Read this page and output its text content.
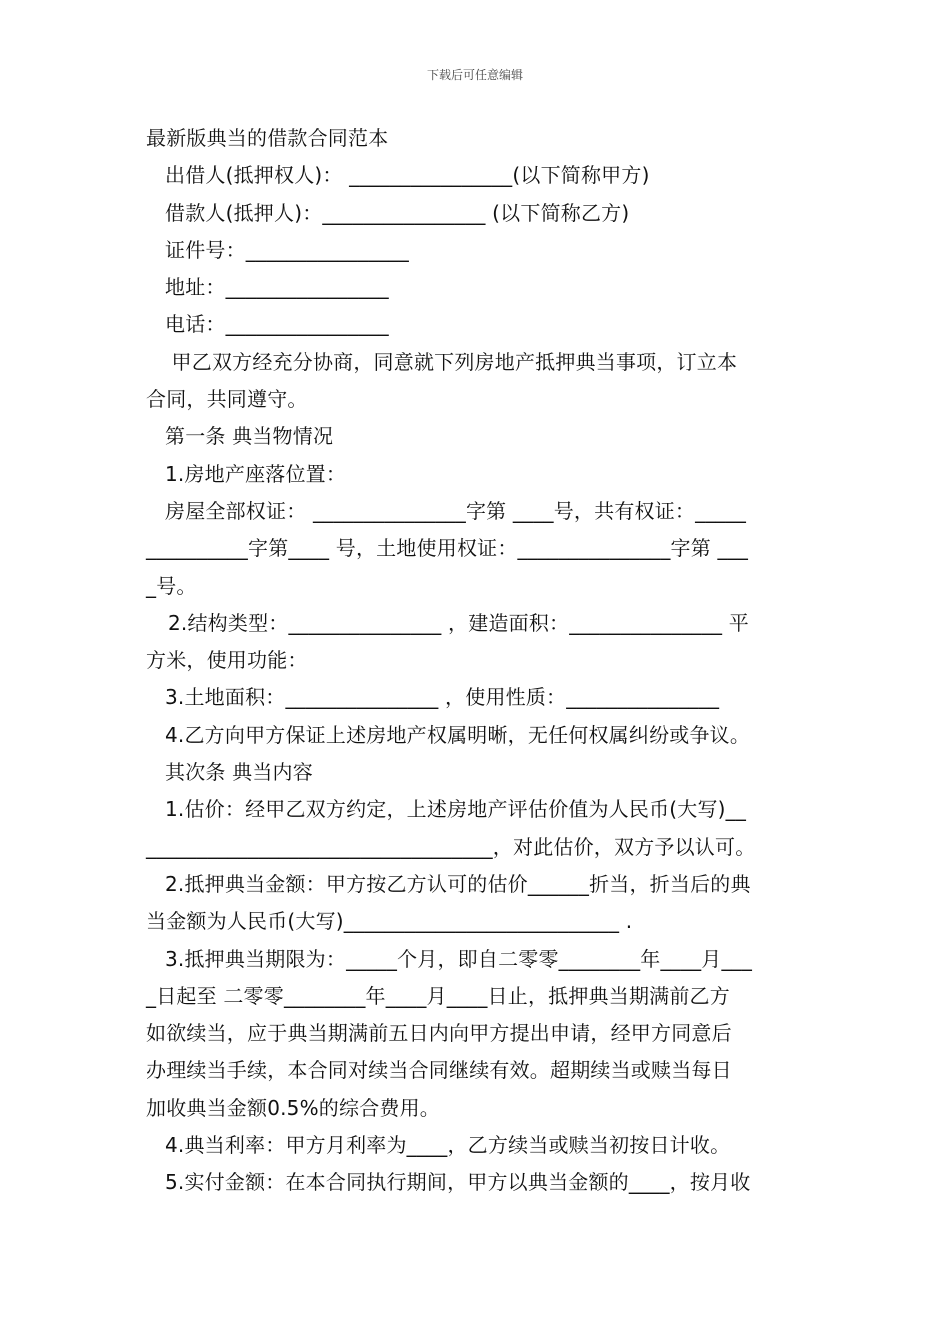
下载后可任意编辑
最新版典当的借款合同范本
出借人(抵押权人)： ________________(以下简称甲方)
借款人(抵押人)：________________ (以下简称乙方)
证件号：________________
地址：________________
电话：________________
甲乙双方经充分协商，同意就下列房地产抵押典当事项，订立本
合同，共同遵守。
第一条 典当物情况
1.房地产座落位置：
房屋全部权证： _______________字第 ____号，共有权证：_____
__________字第____ 号，土地使用权证：_______________字第 ___
_号。
2.结构类型：_______________ ，建造面积：_______________ 平
方米，使用功能：
3.土地面积：_______________ ，使用性质：_______________
4.乙方向甲方保证上述房地产权属明晰，无任何权属纠纷或争议。
其次条 典当内容
1.估价：经甲乙双方约定，上述房地产评估价值为人民币(大写)__
__________________________________，对此估价，双方予以认可。
2.抵押典当金额：甲方按乙方认可的估价______折当，折当后的典
当金额为人民币(大写)___________________________ .
3.抵押典当期限为：_____个月，即自二零零________年____月___
_日起至 二零零________年____月____日止，抵押典当期满前乙方
如欲续当，应于典当期满前五日内向甲方提出申请，经甲方同意后
办理续当手续，本合同对续当合同继续有效。超期续当或赎当每日
加收典当金额0.5%的综合费用。
4.典当利率：甲方月利率为____，乙方续当或赎当初按日计收。
5.实付金额：在本合同执行期间，甲方以典当金额的____，按月收
